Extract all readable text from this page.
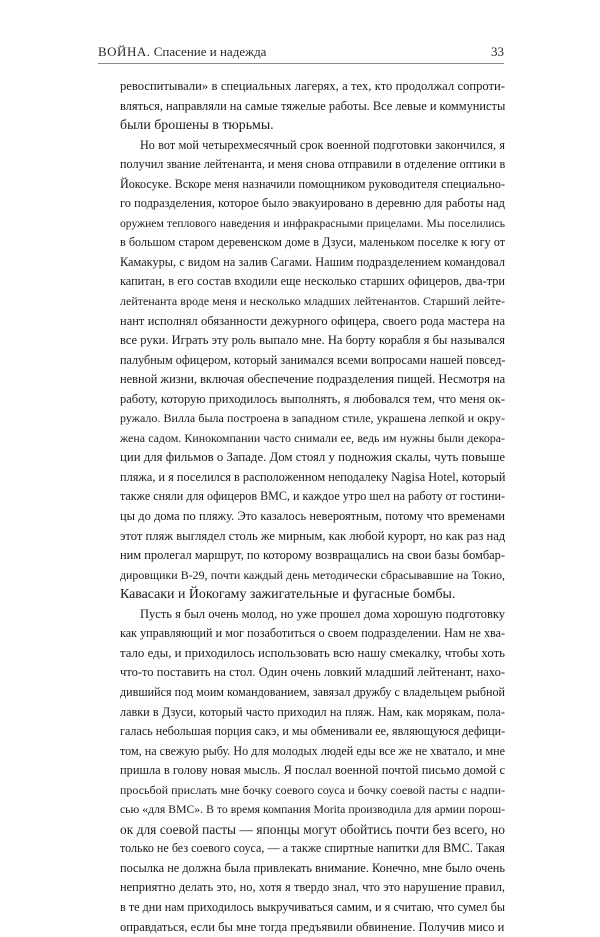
ВОЙНА. Спасение и надежда	33

ревоспитывали» в специальных лагерях, а тех, кто продолжал сопроти-
вляться, направляли на самые тяжелые работы. Все левые и коммунисты
были брошены в тюрьмы.

Но вот мой четырехмесячный срок военной подготовки закончился, я
получил звание лейтенанта, и меня снова отправили в отделение оптики в
Йокосуке. Вскоре меня назначили помощником руководителя специально-
го подразделения, которое было эвакуировано в деревню для работы над
оружием теплового наведения и инфракрасными прицелами. Мы поселились
в большом старом деревенском доме в Дзуси, маленьком поселке к югу от
Камакуры, с видом на залив Сагами. Нашим подразделением командовал
капитан, в его состав входили еще несколько старших офицеров, два-три
лейтенанта вроде меня и несколько младших лейтенантов. Старший лейте-
нант исполнял обязанности дежурного офицера, своего рода мастера на
все руки. Играть эту роль выпало мне. На борту корабля я бы назывался
палубным офицером, который занимался всеми вопросами нашей повсед-
невной жизни, включая обеспечение подразделения пищей. Несмотря на
работу, которую приходилось выполнять, я любовался тем, что меня ок-
ружало. Вилла была построена в западном стиле, украшена лепкой и окру-
жена садом. Кинокомпании часто снимали ее, ведь им нужны были декора-
ции для фильмов о Западе. Дом стоял у подножия скалы, чуть повыше
пляжа, и я поселился в расположенном неподалеку Nagisa Hotel, который
также сняли для офицеров ВМС, и каждое утро шел на работу от гостини-
цы до дома по пляжу. Это казалось невероятным, потому что временами
этот пляж выглядел столь же мирным, как любой курорт, но как раз над
ним пролегал маршрут, по которому возвращались на свои базы бомбар-
дировщики B-29, почти каждый день методически сбрасывавшие на Токио,
Кавасаки и Йокогаму зажигательные и фугасные бомбы.

Пусть я был очень молод, но уже прошел дома хорошую подготовку
как управляющий и мог позаботиться о своем подразделении. Нам не хва-
тало еды, и приходилось использовать всю нашу смекалку, чтобы хоть
что-то поставить на стол. Один очень ловкий младший лейтенант, нахо-
дившийся под моим командованием, завязал дружбу с владельцем рыбной
лавки в Дзуси, который часто приходил на пляж. Нам, как морякам, пола-
галась небольшая порция сакэ, и мы обменивали ее, являющуюся дефици-
том, на свежую рыбу. Но для молодых людей еды все же не хватало, и мне
пришла в голову новая мысль. Я послал военной почтой письмо домой с
просьбой прислать мне бочку соевого соуса и бочку соевой пасты с надпи-
сью «для ВМС». В то время компания Morita производила для армии порош-
ок для соевой пасты — японцы могут обойтись почти без всего, но
только не без соевого соуса, — а также спиртные напитки для ВМС. Такая
посылка не должна была привлекать внимание. Конечно, мне было очень
неприятно делать это, но, хотя я твердо знал, что это нарушение правил,
в те дни нам приходилось выкручиваться самим, и я считаю, что сумел бы
оправдаться, если бы мне тогда предъявили обвинение. Получив мисо и
